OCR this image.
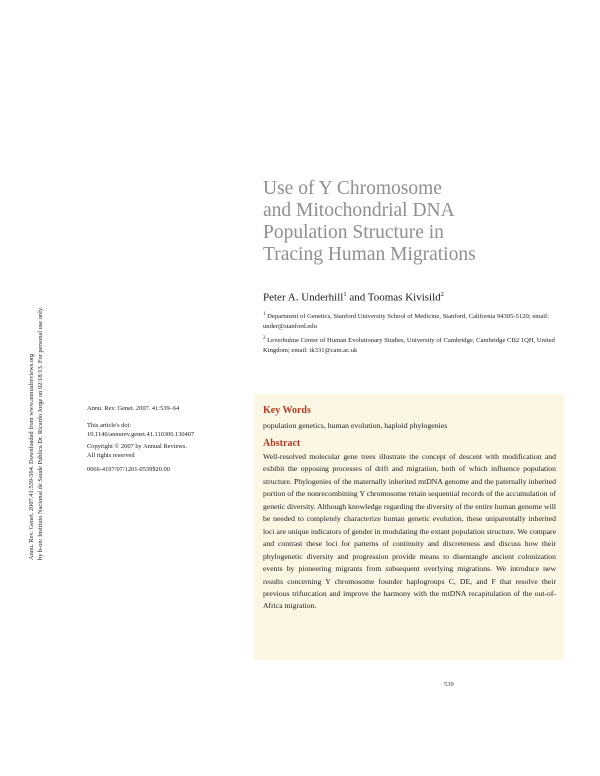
Annu. Rev. Genet. 2007.41:539-564. Downloaded from www.annualreviews.org by b-on: Instituto Nacional de Saude Publica Dr. Ricardo Jorge on 02/18/13. For personal use only.
Use of Y Chromosome
and Mitochondrial DNA
Population Structure in
Tracing Human Migrations
Peter A. Underhill$^1$ and Toomas Kivisild$^2$
$^1$ Department of Genetics, Stanford University School of Medicine, Stanford, California 94305-5120; email: under@stanford.edu
$^2$ Leverhulme Center of Human Evolutionary Studies, University of Cambridge, Cambridge CB2 1QH, United Kingdom; email: tk331@cam.ac.uk
Annu. Rev. Genet. 2007. 41:539–64
This article's doi:
10.1146/annurev.genet.41.110306.130407
Copyright © 2007 by Annual Reviews.
All rights reserved
0066-4197/07/1201-0539$20.00
Key Words
population genetics, human evolution, haploid phylogenies
Abstract
Well-resolved molecular gene trees illustrate the concept of descent with modification and exhibit the opposing processes of drift and migration, both of which influence population structure. Phylogenies of the maternally inherited mtDNA genome and the paternally inherited portion of the nonrecombining Y chromosome retain sequential records of the accumulation of genetic diversity. Although knowledge regarding the diversity of the entire human genome will be needed to completely characterize human genetic evolution, these uniparentally inherited loci are unique indicators of gender in modulating the extant population structure. We compare and contrast these loci for patterns of continuity and discreteness and discuss how their phylogenetic diversity and progression provide means to disentangle ancient colonization events by pioneering migrants from subsequent overlying migrations. We introduce new results concerning Y chromosome founder haplogroups C, DE, and F that resolve their previous trifurcation and improve the harmony with the mtDNA recapitulation of the out-of-Africa migration.
539
